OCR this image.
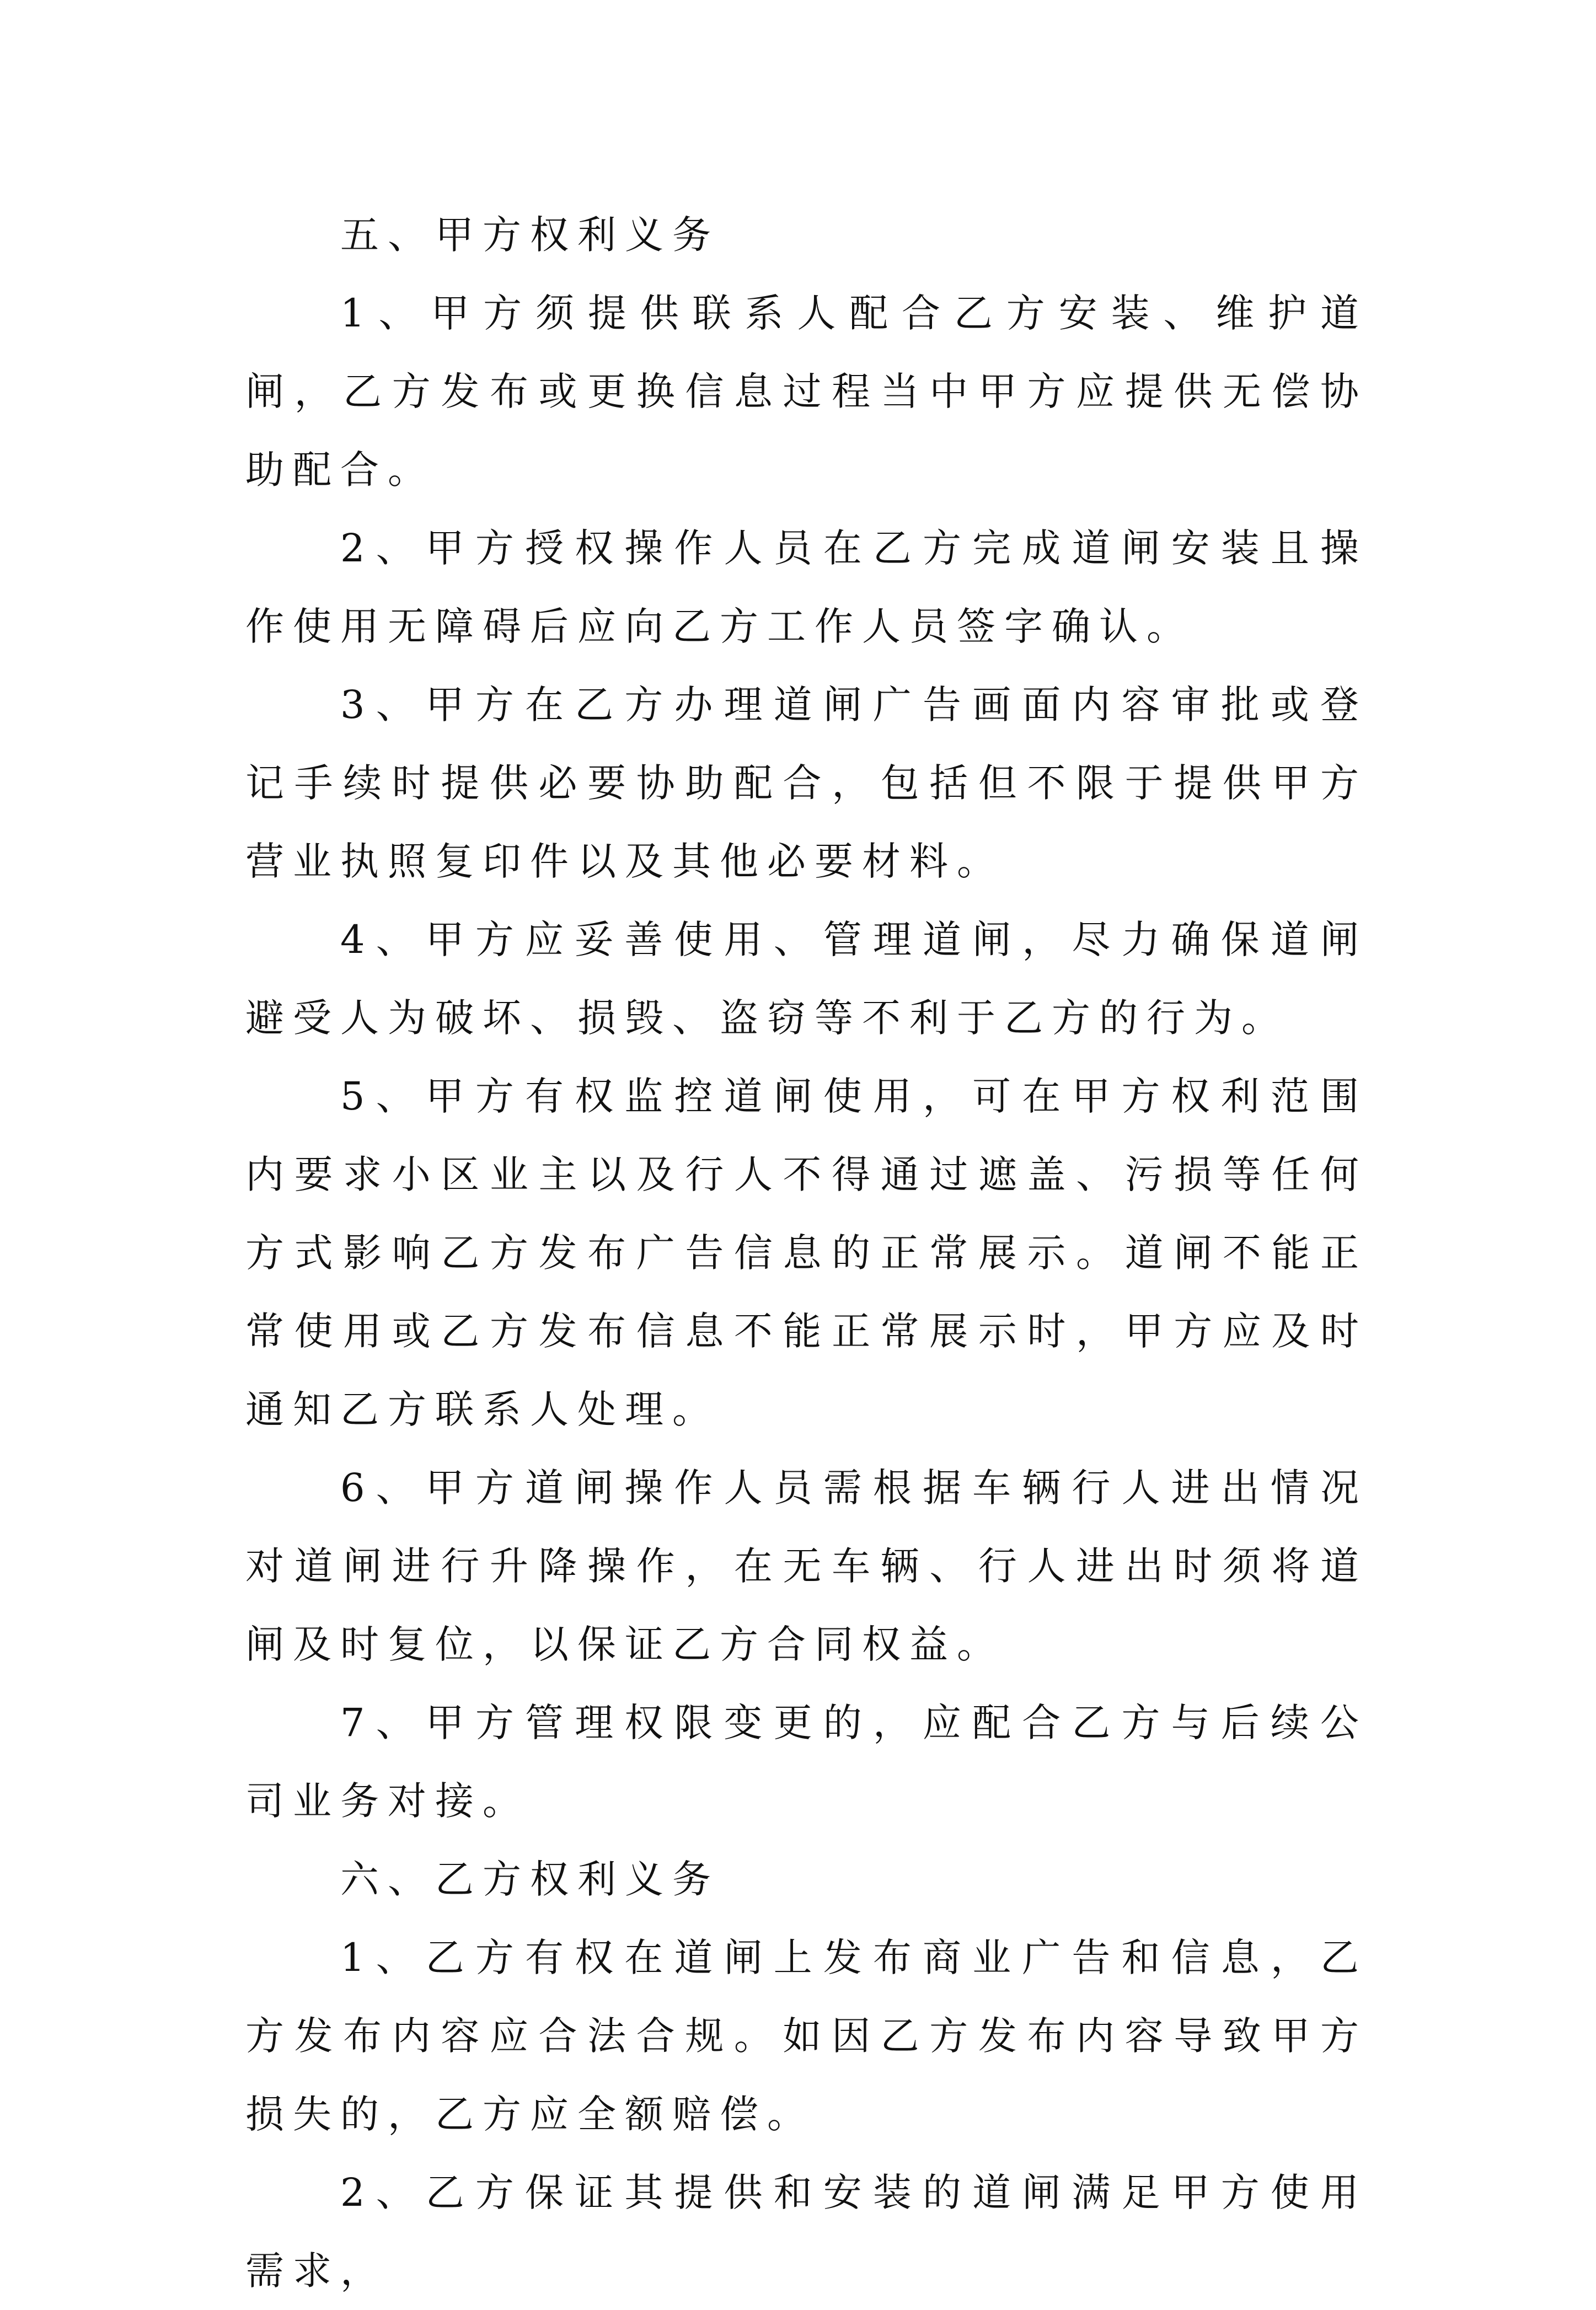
五、甲方权利义务

1、甲方须提供联系人配合乙方安装、维护道闸，乙方发布或更换信息过程当中甲方应提供无偿协助配合。

2、甲方授权操作人员在乙方完成道闸安装且操作使用无障碍后应向乙方工作人员签字确认。

3、甲方在乙方办理道闸广告画面内容审批或登记手续时提供必要协助配合，包括但不限于提供甲方营业执照复印件以及其他必要材料。

4、甲方应妥善使用、管理道闸，尽力确保道闸避受人为破坏、损毁、盗窃等不利于乙方的行为。

5、甲方有权监控道闸使用，可在甲方权利范围内要求小区业主以及行人不得通过遮盖、污损等任何方式影响乙方发布广告信息的正常展示。道闸不能正常使用或乙方发布信息不能正常展示时，甲方应及时通知乙方联系人处理。

6、甲方道闸操作人员需根据车辆行人进出情况对道闸进行升降操作，在无车辆、行人进出时须将道闸及时复位，以保证乙方合同权益。

7、甲方管理权限变更的，应配合乙方与后续公司业务对接。

六、乙方权利义务

1、乙方有权在道闸上发布商业广告和信息，乙方发布内容应合法合规。如因乙方发布内容导致甲方损失的，乙方应全额赔偿。

2、乙方保证其提供和安装的道闸满足甲方使用需求，
